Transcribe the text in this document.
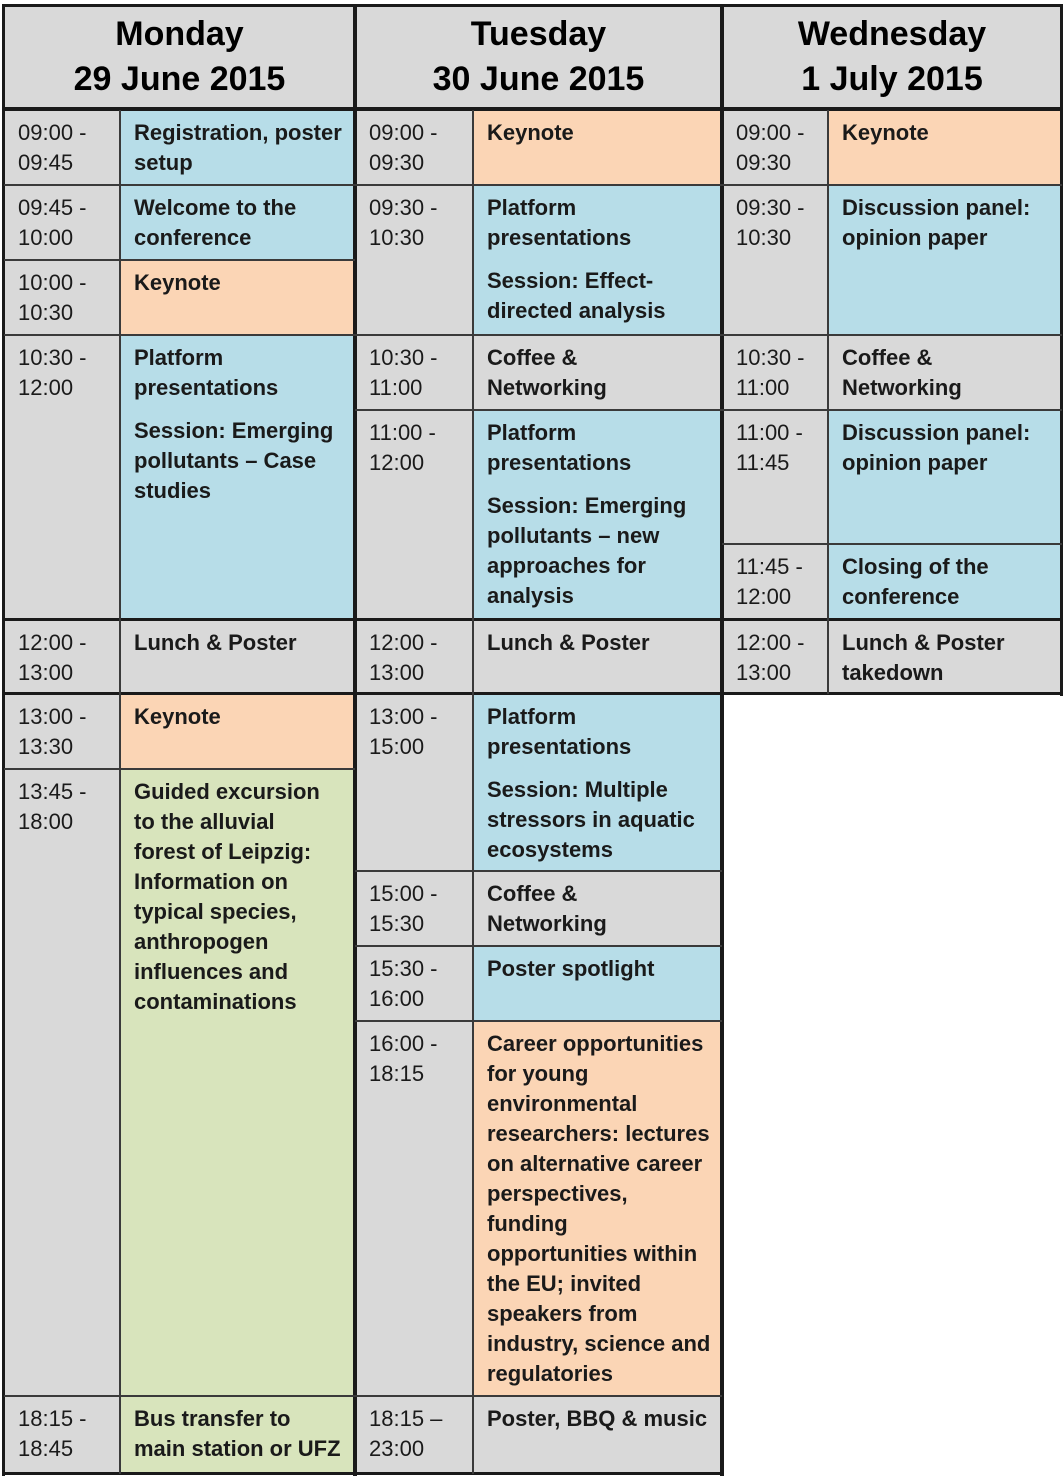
Monday
29 June 2015
Tuesday
30 June 2015
Wednesday
1 July 2015
09:00 -
09:45
Registration, poster setup
09:45 -
10:00
Welcome to the conference
10:00 -
10:30
Keynote
10:30 -
12:00
Platform presentations
Session: Emerging pollutants – Case studies
12:00 -
13:00
Lunch & Poster
13:00 -
13:30
Keynote
13:45 -
18:00
Guided excursion to the alluvial forest of Leipzig: Information on typical species, anthropogen influences and contaminations
18:15 -
18:45
Bus transfer to main station or UFZ
09:00 -
09:30
Keynote
09:30 -
10:30
Platform presentations
Session: Effect-directed analysis
10:30 -
11:00
Coffee & Networking
11:00 -
12:00
Platform presentations
Session: Emerging pollutants – new approaches for analysis
12:00 -
13:00
Lunch & Poster
13:00 -
15:00
Platform presentations
Session: Multiple stressors in aquatic ecosystems
15:00 -
15:30
Coffee & Networking
15:30 -
16:00
Poster spotlight
16:00 -
18:15
Career opportunities for young environmental researchers: lectures on alternative career perspectives, funding opportunities within the EU; invited speakers from industry, science and regulatories
18:15 –
23:00
Poster, BBQ & music
09:00 -
09:30
Keynote
09:30 -
10:30
Discussion panel: opinion paper
10:30 -
11:00
Coffee & Networking
11:00 -
11:45
Discussion panel: opinion paper
11:45 -
12:00
Closing of the conference
12:00 -
13:00
Lunch & Poster takedown
